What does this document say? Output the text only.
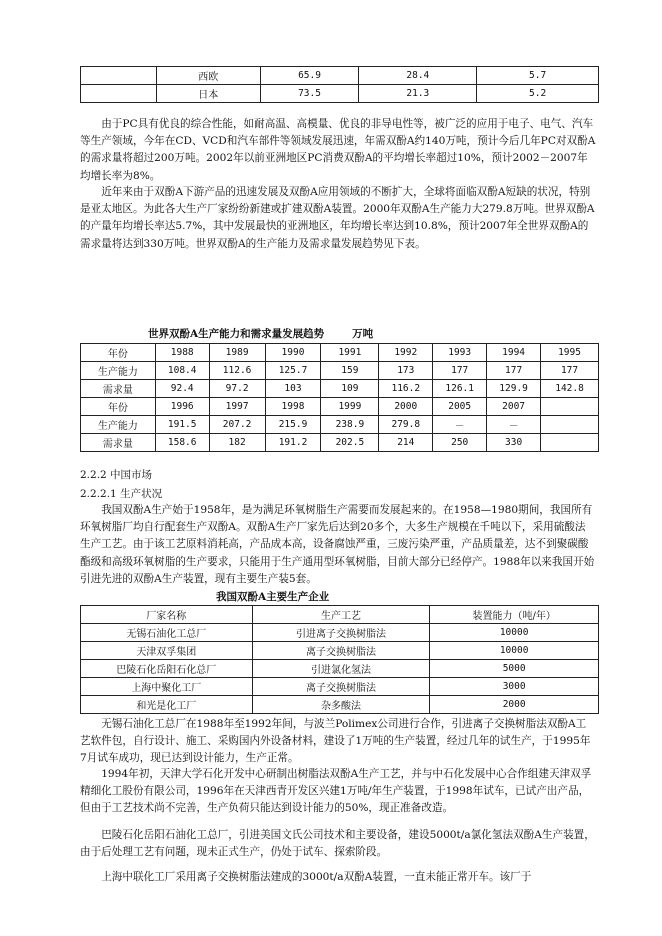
	西欧	65.9	28.4	5.7
	日本	73.5	21.3	5.2

由于PC具有优良的综合性能，如耐高温、高模量、优良的非导电性等，被广泛的应用于电子、电气、汽车等生产领域，今年在CD、VCD和汽车部件等领域发展迅速，年需双酚A约140万吨，预计今后几年PC对双酚A的需求量将超过200万吨。2002年以前亚洲地区PC消费双酚A的平均增长率超过10%，预计2002－2007年均增长率为8%。

近年来由于双酚A下游产品的迅速发展及双酚A应用领域的不断扩大，全球将面临双酚A短缺的状况，特别是亚太地区。为此各大生产厂家纷纷新建或扩建双酚A装置。2000年双酚A生产能力大279.8万吨。世界双酚A的产量年均增长率达5.7%，其中发展最快的亚洲地区，年均增长率达到10.8%，预计2007年全世界双酚A的需求量将达到330万吨。世界双酚A的生产能力及需求量发展趋势见下表。

世界双酚A生产能力和需求量发展趋势	万吨
年份	1988	1989	1990	1991	1992	1993	1994	1995
生产能力	108.4	112.6	125.7	159	173	177	177	177
需求量	92.4	97.2	103	109	116.2	126.1	129.9	142.8
年份	1996	1997	1998	1999	2000	2005	2007	
生产能力	191.5	207.2	215.9	238.9	279.8	－	－	
需求量	158.6	182	191.2	202.5	214	250	330	
2.2.2 中国市场
2.2.2.1 生产状况

我国双酚A生产始于1958年，是为满足环氧树脂生产需要而发展起来的。在1958—1980期间，我国所有环氧树脂厂均自行配套生产双酚A。双酚A生产厂家先后达到20多个，大多生产规模在千吨以下，采用硫酸法生产工艺。由于该工艺原料消耗高，产品成本高，设备腐蚀严重，三废污染严重，产品质量差，达不到聚碳酸酯级和高级环氧树脂的生产要求，只能用于生产通用型环氧树脂，目前大部分已经停产。1988年以来我国开始引进先进的双酚A生产装置，现有主要生产装5套。

我国双酚A主要生产企业
厂家名称	生产工艺	装置能力（吨/年）
无锡石油化工总厂	引进离子交换树脂法	10000
天津双孚集团	离子交换树脂法	10000
巴陵石化岳阳石化总厂	引进氯化氢法	5000
上海中聚化工厂	离子交换树脂法	3000
和光是化工厂	杂多酸法	2000

无锡石油化工总厂在1988年至1992年间，与波兰Polimex公司进行合作，引进离子交换树脂法双酚A工艺软件包，自行设计、施工、采购国内外设备材料，建设了1万吨的生产装置，经过几年的试生产，于1995年7月试车成功，现已达到设计能力，生产正常。

1994年初，天津大学石化开发中心研制出树脂法双酚A生产工艺，并与中石化发展中心合作组建天津双孚精细化工股份有限公司，1996年在天津西青开发区兴建1万吨/年生产装置，于1998年试车，已试产出产品，但由于工艺技术尚不完善，生产负荷只能达到设计能力的50%，现正准备改造。

巴陵石化岳阳石油化工总厂，引进美国文氏公司技术和主要设备，建设5000t/a氯化氢法双酚A生产装置，由于后处理工艺有问题，现未正式生产，仍处于试车、探索阶段。

上海中联化工厂采用离子交换树脂法建成的3000t/a双酚A装置，一直未能正常开车。该厂于
